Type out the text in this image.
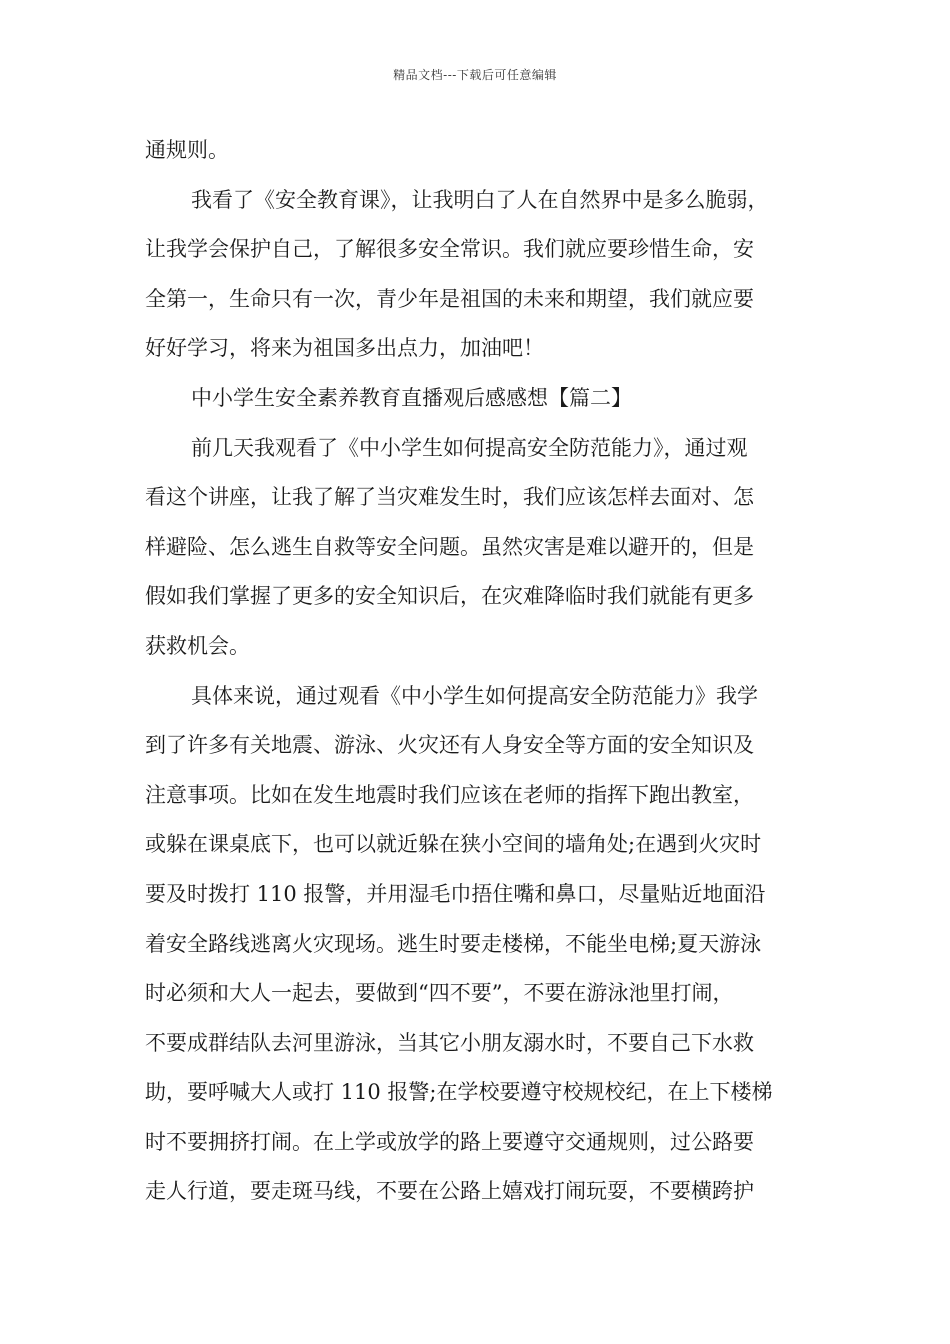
精品文档---下载后可任意编辑
通规则。
我看了《安全教育课》，让我明白了人在自然界中是多么脆弱，
让我学会保护自己，了解很多安全常识。我们就应要珍惜生命，安
全第一，生命只有一次，青少年是祖国的未来和期望，我们就应要
好好学习，将来为祖国多出点力，加油吧！
中小学生安全素养教育直播观后感感想【篇二】
前几天我观看了《中小学生如何提高安全防范能力》，通过观
看这个讲座，让我了解了当灾难发生时，我们应该怎样去面对、怎
样避险、怎么逃生自救等安全问题。虽然灾害是难以避开的，但是
假如我们掌握了更多的安全知识后，在灾难降临时我们就能有更多
获救机会。
具体来说，通过观看《中小学生如何提高安全防范能力》我学
到了许多有关地震、游泳、火灾还有人身安全等方面的安全知识及
注意事项。比如在发生地震时我们应该在老师的指挥下跑出教室，
或躲在课桌底下，也可以就近躲在狭小空间的墙角处;在遇到火灾时
要及时拨打 110 报警，并用湿毛巾捂住嘴和鼻口，尽量贴近地面沿
着安全路线逃离火灾现场。逃生时要走楼梯，不能坐电梯;夏天游泳
时必须和大人一起去，要做到“四不要”，不要在游泳池里打闹，
不要成群结队去河里游泳，当其它小朋友溺水时，不要自己下水救
助，要呼喊大人或打 110 报警;在学校要遵守校规校纪，在上下楼梯
时不要拥挤打闹。在上学或放学的路上要遵守交通规则，过公路要
走人行道，要走斑马线，不要在公路上嬉戏打闹玩耍，不要横跨护
